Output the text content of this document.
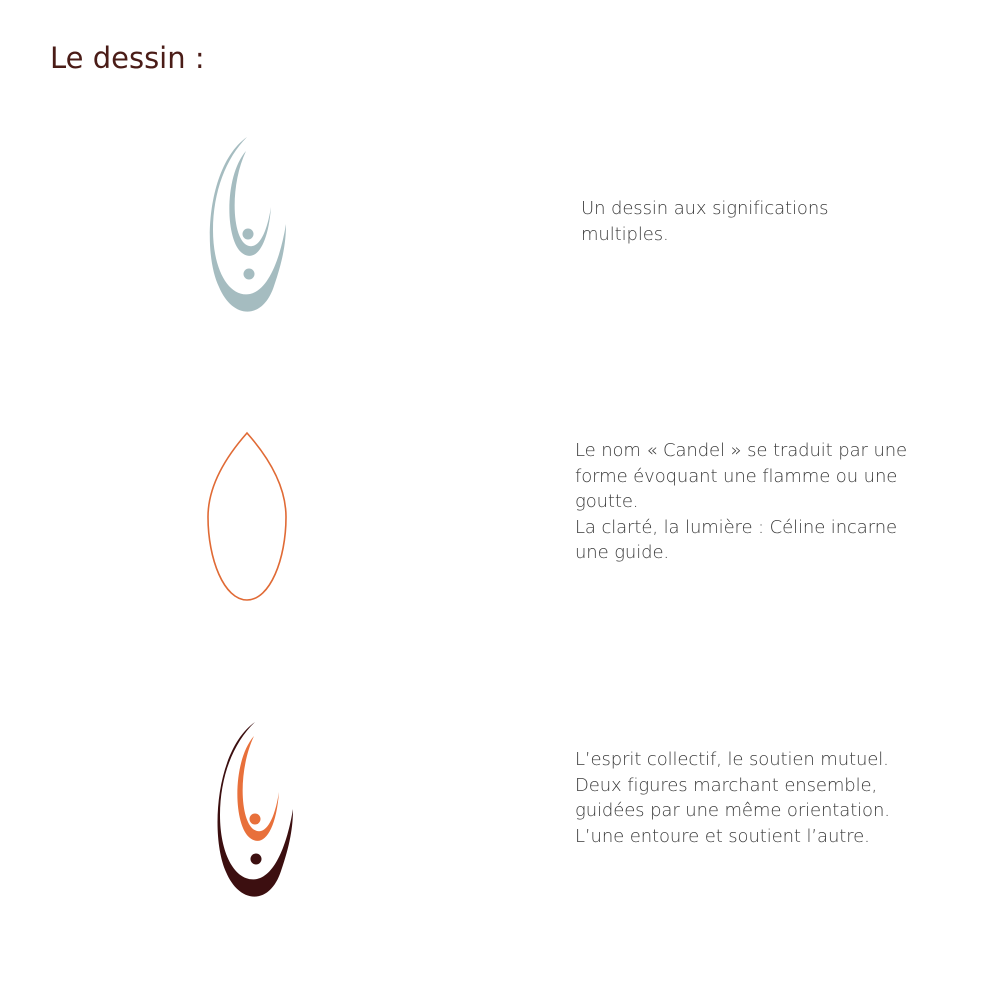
Le dessin :

Un dessin aux significations
multiples.

Le nom « Candel » se traduit par une
forme évoquant une flamme ou une
goutte.
La clarté, la lumière : Céline incarne
une guide.

L’esprit collectif, le soutien mutuel.
Deux figures marchant ensemble,
guidées par une même orientation.
L’une entoure et soutient l’autre.
